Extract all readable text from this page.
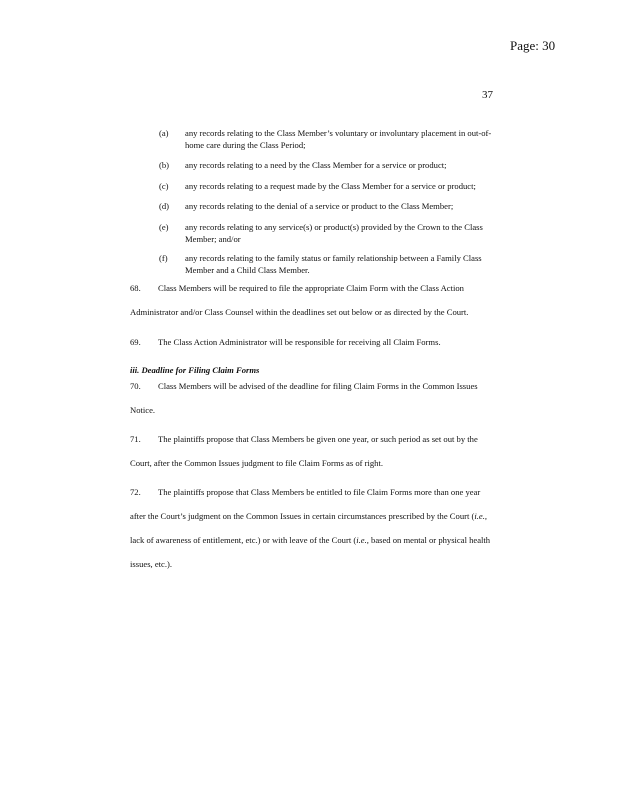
Page: 30
37
(a) any records relating to the Class Member’s voluntary or involuntary placement in out-of-home care during the Class Period;
(b) any records relating to a need by the Class Member for a service or product;
(c) any records relating to a request made by the Class Member for a service or product;
(d) any records relating to the denial of a service or product to the Class Member;
(e) any records relating to any service(s) or product(s) provided by the Crown to the Class Member; and/or
(f) any records relating to the family status or family relationship between a Family Class Member and a Child Class Member.
68. Class Members will be required to file the appropriate Claim Form with the Class Action Administrator and/or Class Counsel within the deadlines set out below or as directed by the Court.
69. The Class Action Administrator will be responsible for receiving all Claim Forms.
iii. Deadline for Filing Claim Forms
70. Class Members will be advised of the deadline for filing Claim Forms in the Common Issues Notice.
71. The plaintiffs propose that Class Members be given one year, or such period as set out by the Court, after the Common Issues judgment to file Claim Forms as of right.
72. The plaintiffs propose that Class Members be entitled to file Claim Forms more than one year after the Court’s judgment on the Common Issues in certain circumstances prescribed by the Court (i.e., lack of awareness of entitlement, etc.) or with leave of the Court (i.e., based on mental or physical health issues, etc.).
